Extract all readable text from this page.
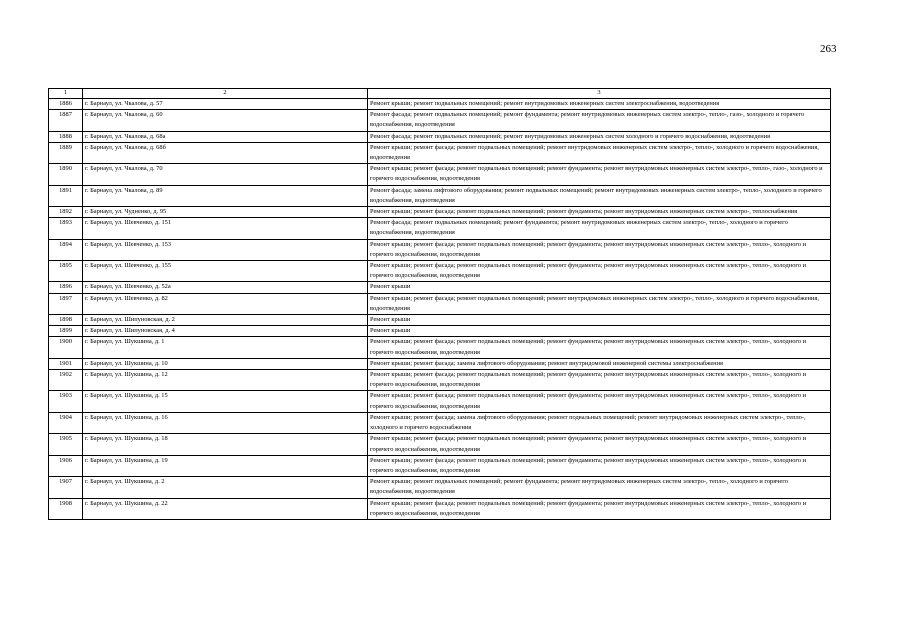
263
1	2	3
1886	г. Барнаул, ул. Чкалова, д. 57	Ремонт крыши; ремонт подвальных помещений; ремонт внутридомовых инженерных систем электроснабжения, водоотведения
1887	г. Барнаул, ул. Чкалова, д. 60	Ремонт фасада; ремонт подвальных помещений; ремонт фундамента; ремонт внутридомовых инженерных систем электро-, тепло-, газо-, холодного и горячего водоснабжения, водоотведения
1888	г. Барнаул, ул. Чкалова, д. 68а	Ремонт фасада; ремонт подвальных помещений; ремонт внутридомовых инженерных систем холодного и горячего водоснабжения, водоотведения
1889	г. Барнаул, ул. Чкалова, д. 68б	Ремонт крыши; ремонт фасада; ремонт подвальных помещений; ремонт внутридомовых инженерных систем электро-, тепло-, холодного и горячего водоснабжения, водоотведения
1890	г. Барнаул, ул. Чкалова, д. 70	Ремонт крыши; ремонт фасада; ремонт подвальных помещений; ремонт фундамента; ремонт внутридомовых инженерных систем электро-, тепло-, газо-, холодного и горячего водоснабжения, водоотведения
1891	г. Барнаул, ул. Чкалова, д. 89	Ремонт фасада; замена лифтового оборудования; ремонт подвальных помещений; ремонт внутридомовых инженерных систем электро-, тепло-, холодного и горячего водоснабжения, водоотведения
1892	г. Барнаул, ул. Чудненко, д. 95	Ремонт крыши; ремонт фасада; ремонт подвальных помещений; ремонт фундамента; ремонт внутридомовых инженерных систем электро-, теплоснабжения
1893	г. Барнаул, ул. Шевченко, д. 151	Ремонт фасада; ремонт подвальных помещений; ремонт фундамента; ремонт внутридомовых инженерных систем электро-, тепло-, холодного и горячего водоснабжения, водоотведения
1894	г. Барнаул, ул. Шевченко, д. 153	Ремонт крыши; ремонт фасада; ремонт подвальных помещений; ремонт фундамента; ремонт внутридомовых инженерных систем электро-, тепло-, холодного и горячего водоснабжения, водоотведения
1895	г. Барнаул, ул. Шевченко, д. 155	Ремонт крыши; ремонт фасада; ремонт подвальных помещений; ремонт фундамента; ремонт внутридомовых инженерных систем электро-, тепло-, холодного и горячего водоснабжения, водоотведения
1896	г. Барнаул, ул. Шевченко, д. 52а	Ремонт крыши
1897	г. Барнаул, ул. Шевченко, д. 82	Ремонт крыши; ремонт фасада; ремонт подвальных помещений; ремонт внутридомовых инженерных систем электро-, тепло-, холодного и горячего водоснабжения, водоотведения
1898	г. Барнаул, ул. Шипуновская, д. 2	Ремонт крыши
1899	г. Барнаул, ул. Шипуновская, д. 4	Ремонт крыши
1900	г. Барнаул, ул. Шукшина, д. 1	Ремонт крыши; ремонт фасада; ремонт подвальных помещений; ремонт фундамента; ремонт внутридомовых инженерных систем электро-, тепло-, холодного и горячего водоснабжения, водоотведения
1901	г. Барнаул, ул. Шукшина, д. 10	Ремонт крыши; ремонт фасада; замена лифтового оборудования; ремонт внутридомовой инженерной системы электроснабжения
1902	г. Барнаул, ул. Шукшина, д. 12	Ремонт крыши; ремонт фасада; ремонт подвальных помещений; ремонт фундамента; ремонт внутридомовых инженерных систем электро-, тепло-, холодного и горячего водоснабжения, водоотведения
1903	г. Барнаул, ул. Шукшина, д. 15	Ремонт крыши; ремонт фасада; ремонт подвальных помещений; ремонт фундамента; ремонт внутридомовых инженерных систем электро-, тепло-, холодного и горячего водоснабжения, водоотведения
1904	г. Барнаул, ул. Шукшина, д. 16	Ремонт крыши; ремонт фасада; замена лифтового оборудования; ремонт подвальных помещений; ремонт внутридомовых инженерных систем электро-, тепло-, холодного и горячего водоснабжения
1905	г. Барнаул, ул. Шукшина, д. 18	Ремонт крыши; ремонт фасада; ремонт подвальных помещений; ремонт фундамента; ремонт внутридомовых инженерных систем электро-, тепло-, холодного и горячего водоснабжения, водоотведения
1906	г. Барнаул, ул. Шукшина, д. 19	Ремонт крыши; ремонт фасада; ремонт подвальных помещений; ремонт фундамента; ремонт внутридомовых инженерных систем электро-, тепло-, холодного и горячего водоснабжения, водоотведения
1907	г. Барнаул, ул. Шукшина, д. 2	Ремонт крыши; ремонт подвальных помещений; ремонт фундамента; ремонт внутридомовых инженерных систем электро-, тепло-, холодного и горячего водоснабжения, водоотведения
1908	г. Барнаул, ул. Шукшина, д. 22	Ремонт крыши; ремонт фасада; ремонт подвальных помещений; ремонт фундамента; ремонт внутридомовых инженерных систем электро-, тепло-, холодного и горячего водоснабжения, водоотведения
